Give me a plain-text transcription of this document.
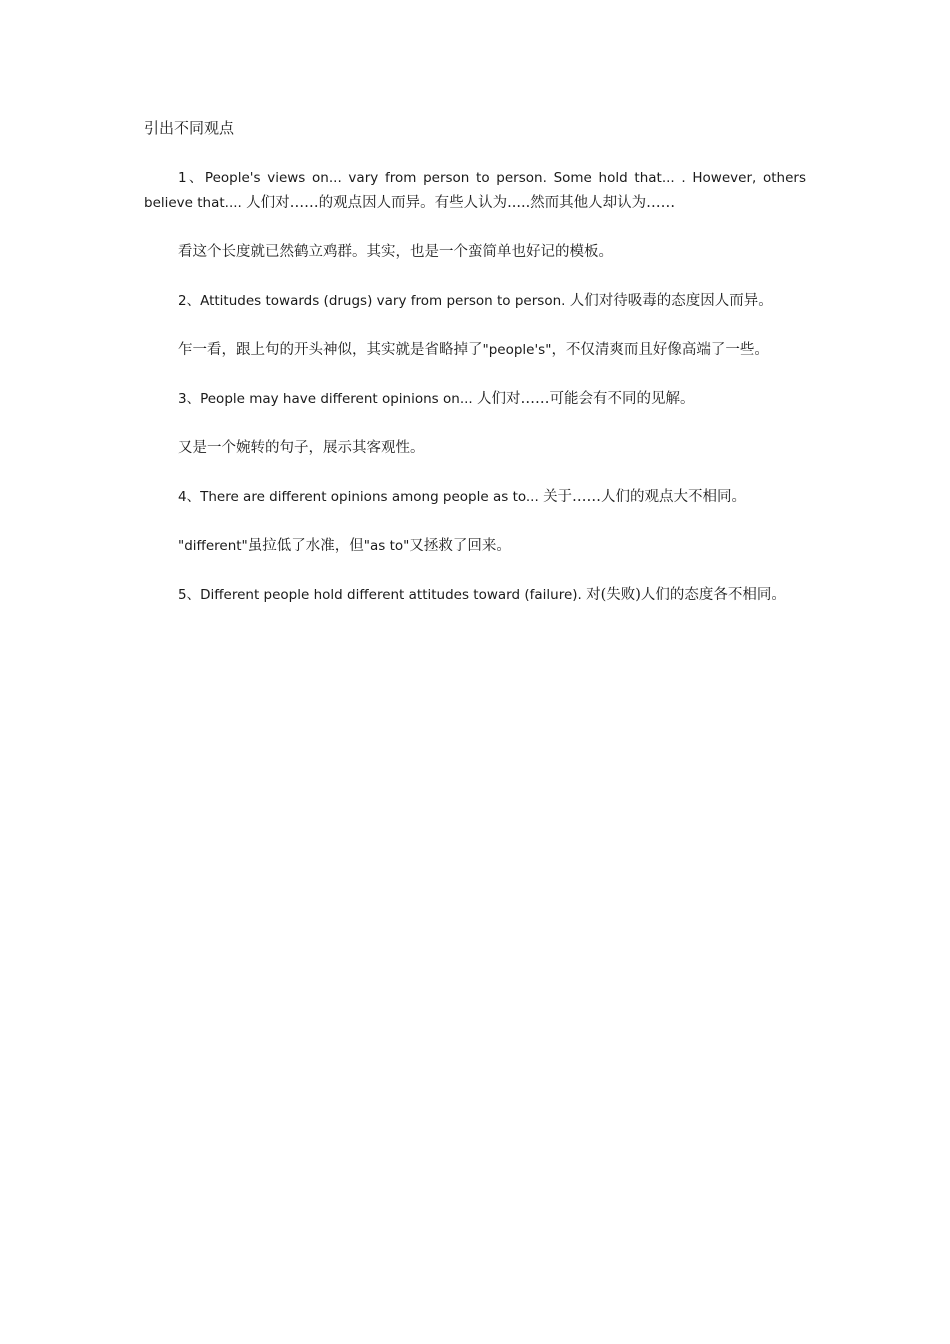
引出不同观点

1、People's views on... vary from person to person. Some hold that... . However, others believe that.... 人们对……的观点因人而异。有些人认为.....然而其他人却认为……

看这个长度就已然鹤立鸡群。其实，也是一个蛮简单也好记的模板。

2、Attitudes towards (drugs) vary from person to person. 人们对待吸毒的态度因人而异。

乍一看，跟上句的开头神似，其实就是省略掉了"people's"，不仅清爽而且好像高端了一些。

3、People may have different opinions on... 人们对……可能会有不同的见解。

又是一个婉转的句子，展示其客观性。

4、There are different opinions among people as to... 关于……人们的观点大不相同。

"different"虽拉低了水准，但"as to"又拯救了回来。

5、Different people hold different attitudes toward (failure). 对(失败)人们的态度各不相同。
